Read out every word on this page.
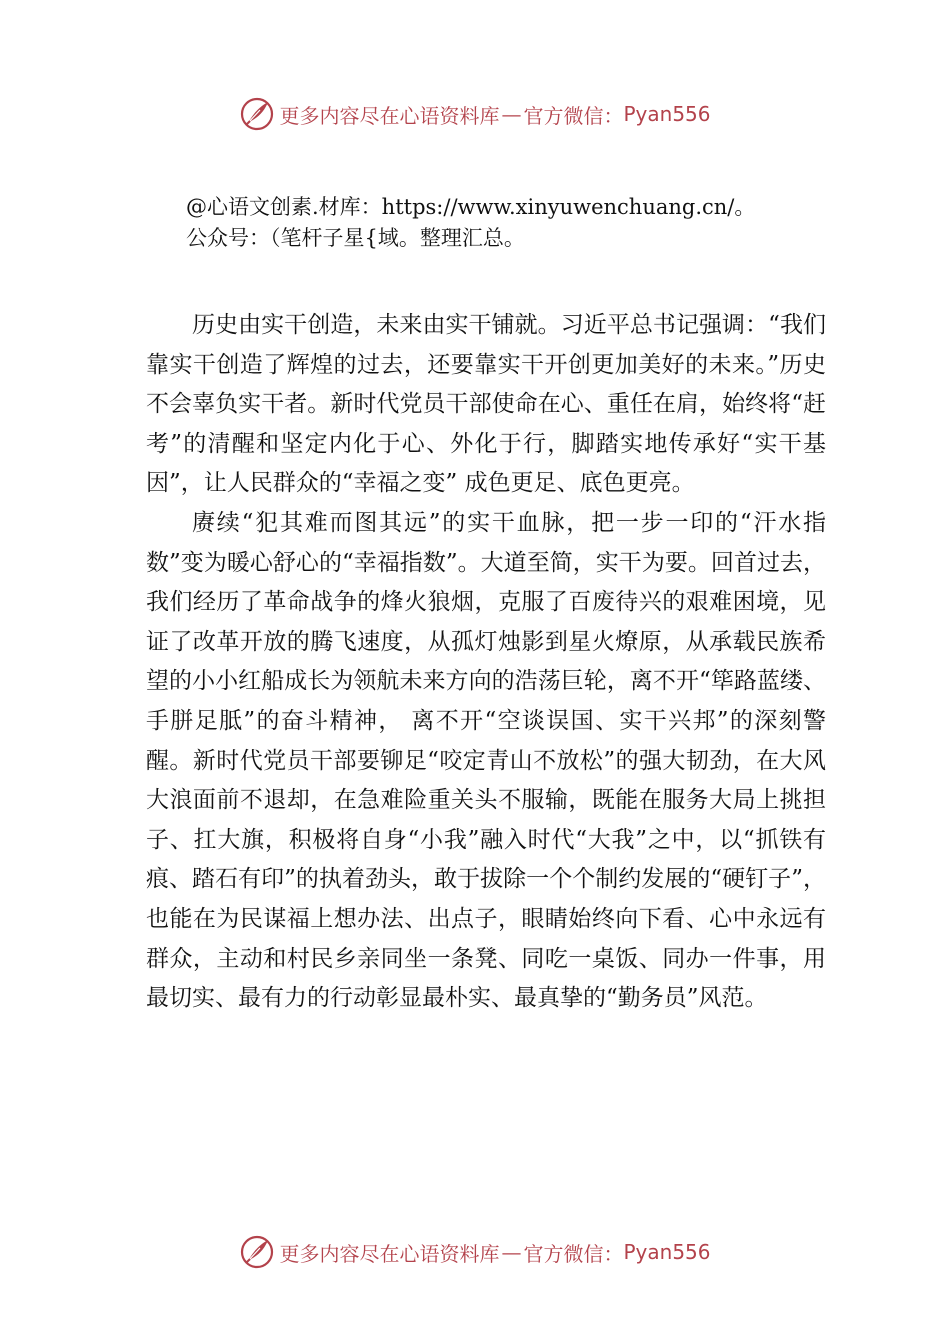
更多内容尽在心语资料库 — 官方微信： Pyan556

@心语文创素.材库：https://www.xinyuwenchuang.cn/。

公众号：（笔杆子星{域。整理汇总。

历史由实干创造，未来由实干铺就。习近平总书记强调：“我们靠实干创造了辉煌的过去，还要靠实干开创更加美好的未来。”历史不会辜负实干者。新时代党员干部使命在心、重任在肩，始终将“赶考”的清醒和坚定内化于心、外化于行，脚踏实地传承好“实干基因”，让人民群众的“幸福之变” 成色更足、底色更亮。

赓续“犯其难而图其远”的实干血脉，把一步一印的“汗水指数”变为暖心舒心的“幸福指数”。大道至简，实干为要。回首过去，我们经历了革命战争的烽火狼烟，克服了百废待兴的艰难困境，见证了改革开放的腾飞速度，从孤灯烛影到星火燎原，从承载民族希望的小小红船成长为领航未来方向的浩荡巨轮，离不开“筚路蓝缕、手胼足胝”的奋斗精神， 离不开“空谈误国、实干兴邦”的深刻警醒。新时代党员干部要铆足“咬定青山不放松”的强大韧劲，在大风大浪面前不退却，在急难险重关头不服输，既能在服务大局上挑担子、扛大旗，积极将自身“小我”融入时代“大我”之中，以“抓铁有痕、踏石有印”的执着劲头，敢于拔除一个个制约发展的“硬钉子”，也能在为民谋福上想办法、出点子，眼睛始终向下看、心中永远有群众，主动和村民乡亲同坐一条凳、同吃一桌饭、同办一件事，用最切实、最有力的行动彰显最朴实、最真挚的“勤务员”风范。

更多内容尽在心语资料库 — 官方微信： Pyan556
